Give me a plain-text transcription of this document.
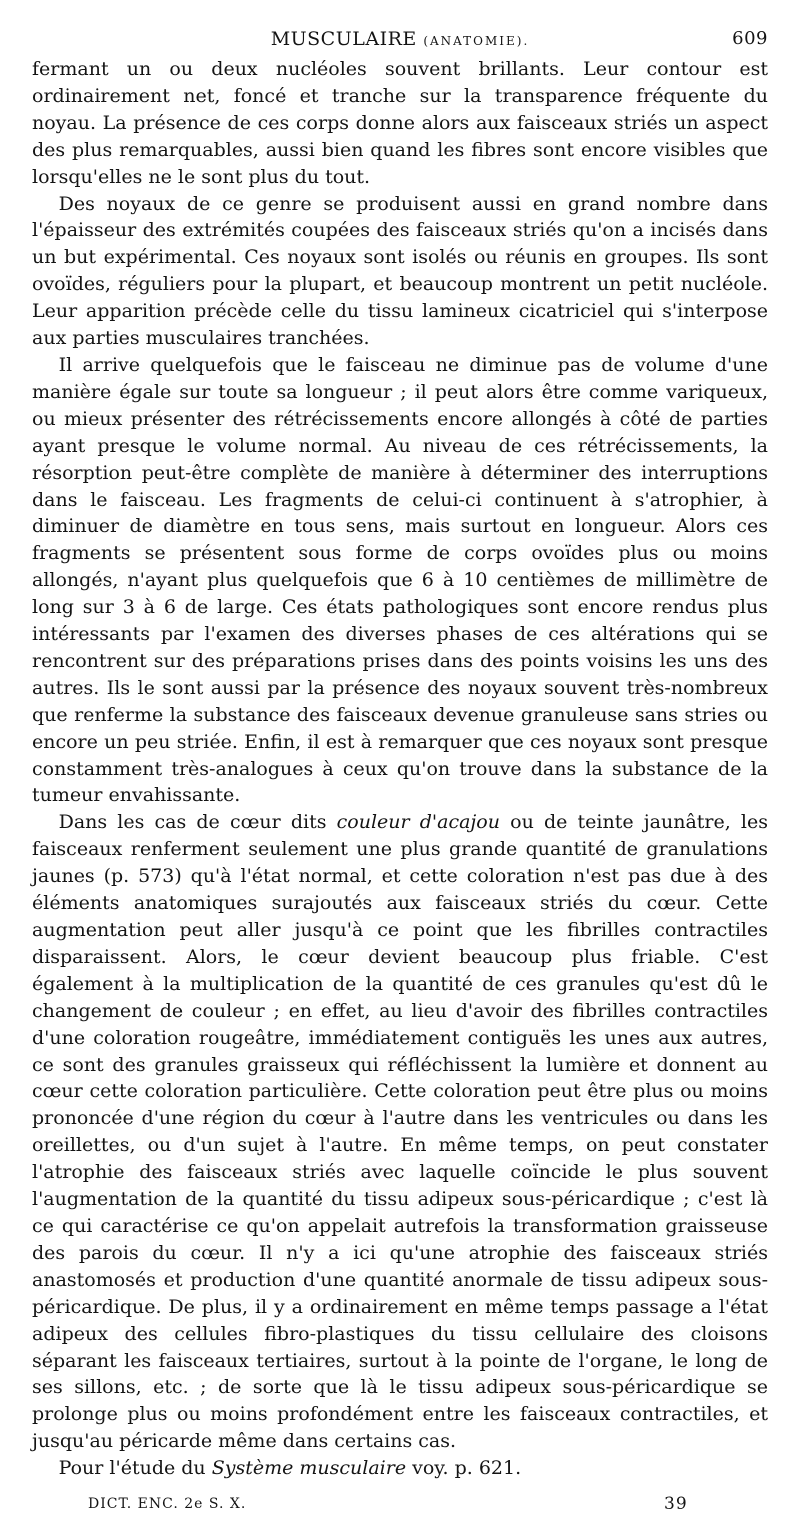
MUSCULAIRE (ANATOMIE).	609

fermant un ou deux nucléoles souvent brillants. Leur contour est ordinairement net, foncé et tranche sur la transparence fréquente du noyau. La présence de ces corps donne alors aux faisceaux striés un aspect des plus remarquables, aussi bien quand les fibres sont encore visibles que lorsqu'elles ne le sont plus du tout.

Des noyaux de ce genre se produisent aussi en grand nombre dans l'épaisseur des extrémités coupées des faisceaux striés qu'on a incisés dans un but expérimental. Ces noyaux sont isolés ou réunis en groupes. Ils sont ovoïdes, réguliers pour la plupart, et beaucoup montrent un petit nucléole. Leur apparition précède celle du tissu lamineux cicatriciel qui s'interpose aux parties musculaires tranchées.

Il arrive quelquefois que le faisceau ne diminue pas de volume d'une manière égale sur toute sa longueur ; il peut alors être comme variqueux, ou mieux présenter des rétrécissements encore allongés à côté de parties ayant presque le volume normal. Au niveau de ces rétrécissements, la résorption peut-être complète de manière à déterminer des interruptions dans le faisceau. Les fragments de celui-ci continuent à s'atrophier, à diminuer de diamètre en tous sens, mais surtout en longueur. Alors ces fragments se présentent sous forme de corps ovoïdes plus ou moins allongés, n'ayant plus quelquefois que 6 à 10 centièmes de millimètre de long sur 3 à 6 de large. Ces états pathologiques sont encore rendus plus intéressants par l'examen des diverses phases de ces altérations qui se rencontrent sur des préparations prises dans des points voisins les uns des autres. Ils le sont aussi par la présence des noyaux souvent très-nombreux que renferme la substance des faisceaux devenue granuleuse sans stries ou encore un peu striée. Enfin, il est à remarquer que ces noyaux sont presque constamment très-analogues à ceux qu'on trouve dans la substance de la tumeur envahissante.

Dans les cas de cœur dits couleur d'acajou ou de teinte jaunâtre, les faisceaux renferment seulement une plus grande quantité de granulations jaunes (p. 573) qu'à l'état normal, et cette coloration n'est pas due à des éléments anatomiques surajoutés aux faisceaux striés du cœur. Cette augmentation peut aller jusqu'à ce point que les fibrilles contractiles disparaissent. Alors, le cœur devient beaucoup plus friable. C'est également à la multiplication de la quantité de ces granules qu'est dû le changement de couleur ; en effet, au lieu d'avoir des fibrilles contractiles d'une coloration rougeâtre, immédiatement contiguës les unes aux autres, ce sont des granules graisseux qui réfléchissent la lumière et donnent au cœur cette coloration particulière. Cette coloration peut être plus ou moins prononcée d'une région du cœur à l'autre dans les ventricules ou dans les oreillettes, ou d'un sujet à l'autre. En même temps, on peut constater l'atrophie des faisceaux striés avec laquelle coïncide le plus souvent l'augmentation de la quantité du tissu adipeux sous-péricardique ; c'est là ce qui caractérise ce qu'on appelait autrefois la transformation graisseuse des parois du cœur. Il n'y a ici qu'une atrophie des faisceaux striés anastomosés et production d'une quantité anormale de tissu adipeux sous-péricardique. De plus, il y a ordinairement en même temps passage a l'état adipeux des cellules fibro-plastiques du tissu cellulaire des cloisons séparant les faisceaux tertiaires, surtout à la pointe de l'organe, le long de ses sillons, etc. ; de sorte que là le tissu adipeux sous-péricardique se prolonge plus ou moins profondément entre les faisceaux contractiles, et jusqu'au péricarde même dans certains cas.

Pour l'étude du Système musculaire voy. p. 621.

DICT. ENC. 2e S. X.	39
